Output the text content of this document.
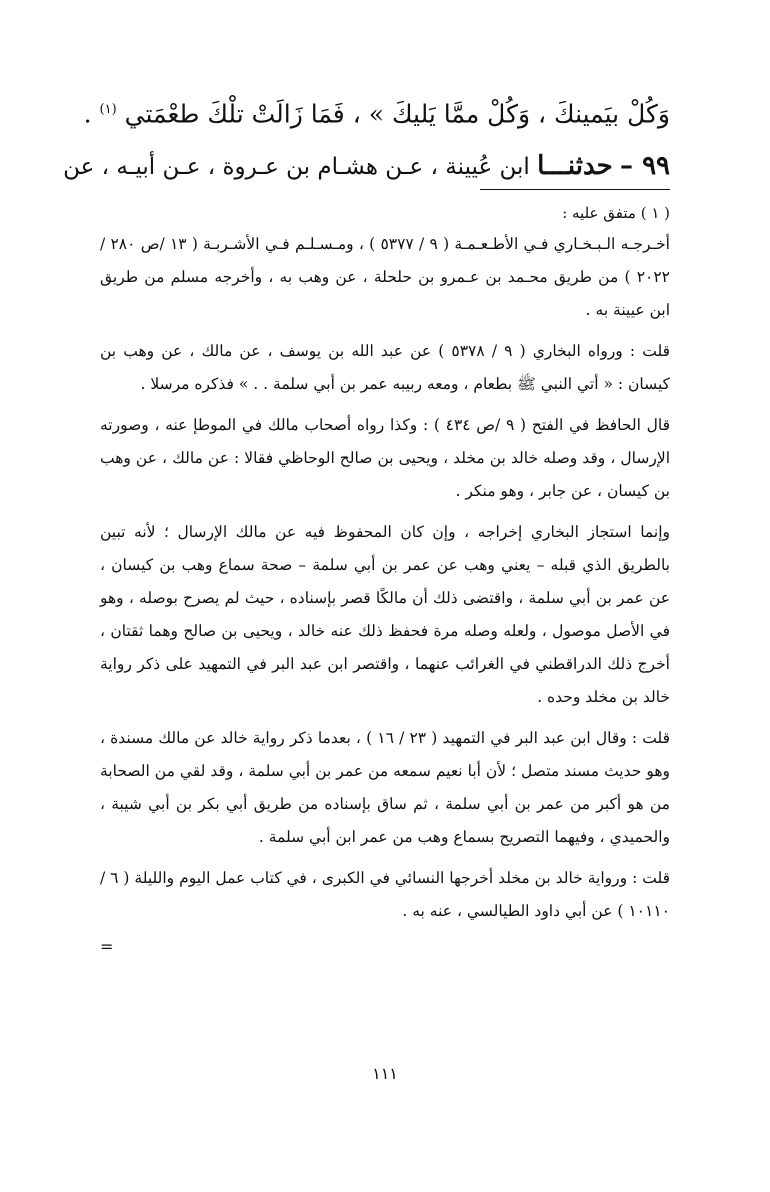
وَكُلْ بيَمينكَ ، وَكُلْ ممَّا يَليكَ » ، فَمَا زَالَتْ تلْكَ طعْمَتي $^{(١)}$ .

٩٩ – حدثنـــا ابن عُيينة ، عـن هشـام بن عـروة ، عـن أبيـه ، عن

( ١ ) متفق عليه :

أخـرجـه الـبـخـاري فـي الأطـعـمـة ( ٩ / ٥٣٧٧ ) ، ومـسـلـم فـي الأشـربـة ( ١٣ /ص ٢٨٠ / ٢٠٢٢ ) من طريق محـمد بن عـمرو بن حلحلة ، عن وهب به ، وأخرجه مسلم من طريق ابن عيينة به .

قلت : ورواه البخاري ( ٩ / ٥٣٧٨ ) عن عبد الله بن يوسف ، عن مالك ، عن وهب بن كيسان : « أتي النبي ﷺ بطعام ، ومعه ربيبه عمر بن أبي سلمة . . » فذكره مرسلا .

قال الحافظ في الفتح ( ٩ /ص ٤٣٤ ) : وكذا رواه أصحاب مالك في الموطإ عنه ، وصورته الإرسال ، وقد وصله خالد بن مخلد ، ويحيى بن صالح الوحاظي فقالا : عن مالك ، عن وهب بن كيسان ، عن جابر ، وهو منكر .

وإنما استجاز البخاري إخراجه ، وإن كان المحفوظ فيه عن مالك الإرسال ؛ لأنه تبين بالطريق الذي قبله – يعني وهب عن عمر بن أبي سلمة – صحة سماع وهب بن كيسان ، عن عمر بن أبي سلمة ، واقتضى ذلك أن مالكًا قصر بإسناده ، حيث لم يصرح بوصله ، وهو في الأصل موصول ، ولعله وصله مرة فحفظ ذلك عنه خالد ، ويحيى بن صالح وهما ثقتان ، أخرج ذلك الدراقطني في الغرائب عنهما ، واقتصر ابن عبد البر في التمهيد على ذكر رواية خالد بن مخلد وحده .

قلت : وقال ابن عبد البر في التمهيد ( ٢٣ / ١٦ ) ، بعدما ذكر رواية خالد عن مالك مسندة ، وهو حديث مسند متصل ؛ لأن أبا نعيم سمعه من عمر بن أبي سلمة ، وقد لقي من الصحابة من هو أكبر من عمر بن أبي سلمة ، ثم ساق بإسناده من طريق أبي بكر بن أبي شيبة ، والحميدي ، وفيهما التصريح بسماع وهب من عمر ابن أبي سلمة .

قلت : ورواية خالد بن مخلد أخرجها النسائي في الكبرى ، في كتاب عمل اليوم والليلة ( ٦ / ١٠١١٠ ) عن أبي داود الطيالسي ، عنه به .

=

١١١
